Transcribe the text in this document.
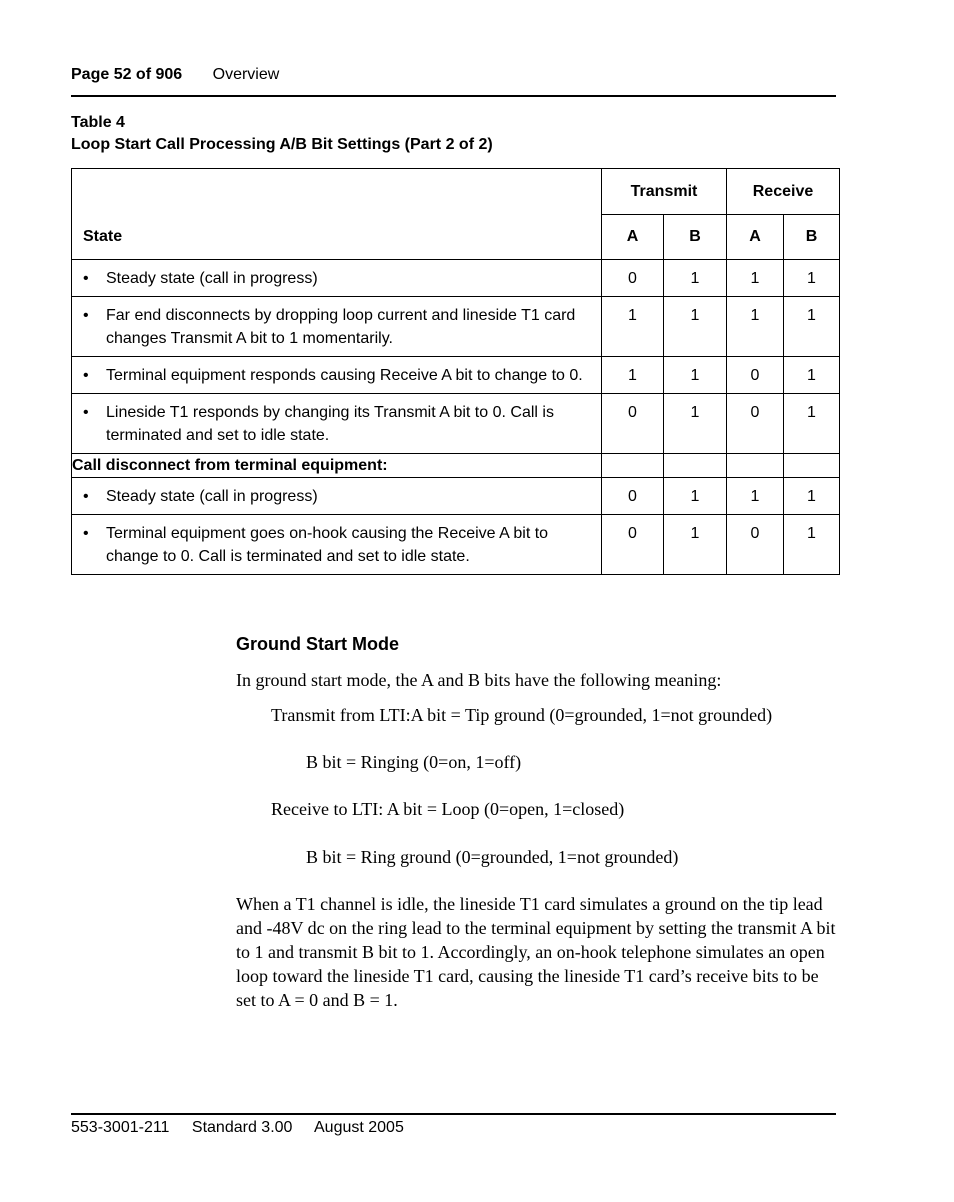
Page 52 of 906 Overview
Table 4
Loop Start Call Processing A/B Bit Settings (Part 2 of 2)
State	Transmit		Receive	
	A	B	A	B

• Steady state (call in progress)	0	1	1	1

• Far end disconnects by dropping loop current and lineside T1 card changes Transmit A bit to 1 momentarily.	1	1	1	1

• Terminal equipment responds causing Receive A bit to change to 0.	1	1	0	1

• Lineside T1 responds by changing its Transmit A bit to 0. Call is terminated and set to idle state.	0	1	0	1
Call disconnect from terminal equipment:				

• Steady state (call in progress)	0	1	1	1

• Terminal equipment goes on-hook causing the Receive A bit to change to 0. Call is terminated and set to idle state.	0	1	0	1
Ground Start Mode
In ground start mode, the A and B bits have the following meaning:
Transmit from LTI:A bit = Tip ground (0=grounded, 1=not grounded)
B bit = Ringing (0=on, 1=off)
Receive to LTI: A bit = Loop (0=open, 1=closed)
B bit = Ring ground (0=grounded, 1=not grounded)
When a T1 channel is idle, the lineside T1 card simulates a ground on the tip lead and -48V dc on the ring lead to the terminal equipment by setting the transmit A bit to 1 and transmit B bit to 1. Accordingly, an on-hook telephone simulates an open loop toward the lineside T1 card, causing the lineside T1 card’s receive bits to be set to A = 0 and B = 1.
553-3001-211 Standard 3.00 August 2005
